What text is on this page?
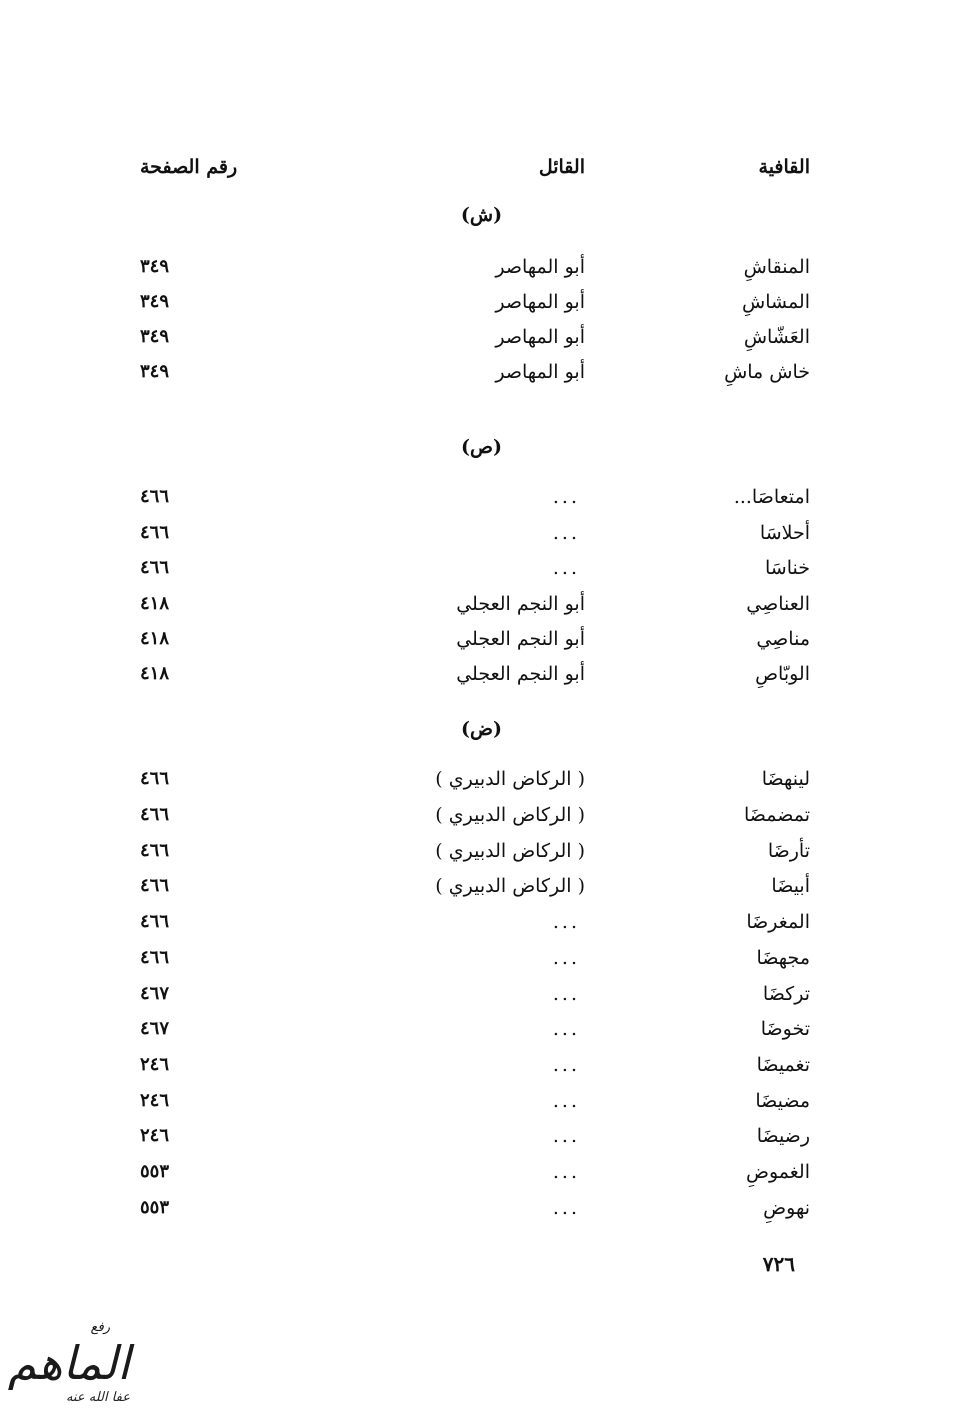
القافية
القائل
رقم الصفحة
(ش)
المنقاشِ
أبو المهاصر
٣٤٩
المشاشِ
أبو المهاصر
٣٤٩
العَشّاشِ
أبو المهاصر
٣٤٩
خاش ماشِ
أبو المهاصر
٣٤٩
(ص)
امتعاصَا...
...
٤٦٦
أحلاسَا
...
٤٦٦
خناسَا
...
٤٦٦
العناصِي
أبو النجم العجلي
٤١٨
مناصِي
أبو النجم العجلي
٤١٨
الوبّاصِ
أبو النجم العجلي
٤١٨
(ض)
لينهضَا
( الركاض الدبيري )
٤٦٦
تمضمضَا
( الركاض الدبيري )
٤٦٦
تأرضَا
( الركاض الدبيري )
٤٦٦
أبيضَا
( الركاض الدبيري )
٤٦٦
المغرضَا
...
٤٦٦
مجهضَا
...
٤٦٦
تركضَا
...
٤٦٧
تخوضَا
...
٤٦٧
تغميضَا
...
٢٤٦
مضيضَا
...
٢٤٦
رضيضَا
...
٢٤٦
الغموضِ
...
٥٥٣
نهوضِ
...
٥٥٣
٧٢٦
رفع
الماهم
عفا الله عنه
